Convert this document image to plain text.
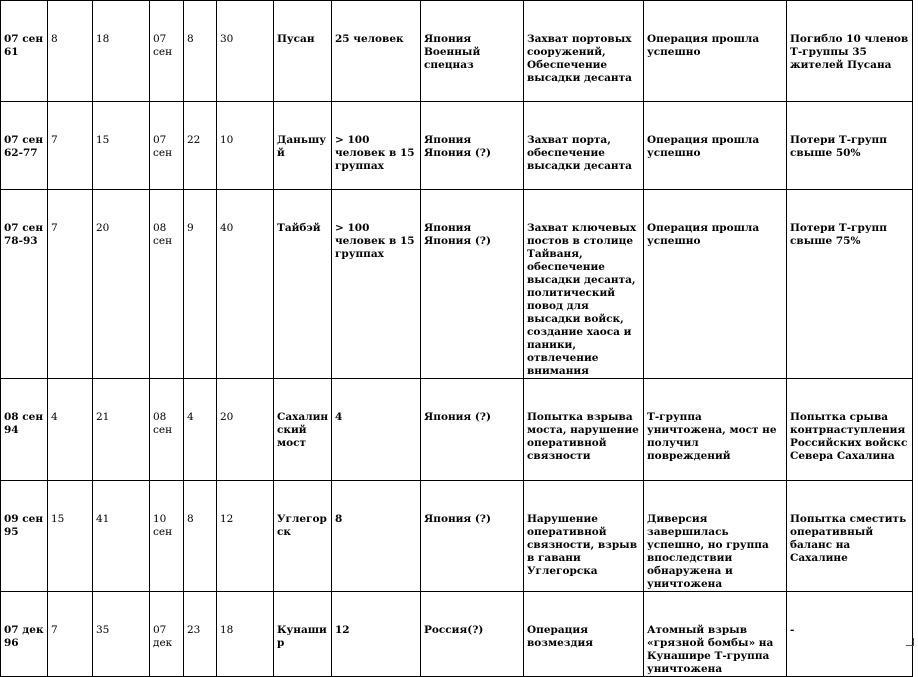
07 сен 61	8	18	07 сен	8	30	Пусан	25 человек	Япония Военный спецназ	Захват портовых сооружений, Обеспечение высадки десанта	Операция прошла успешно	Погибло 10 членов Т-группы 35 жителей Пусана
07 сен 62-77	7	15	07 сен	22	10	Даньшуй	> 100 человек в 15 группах	Япония Япония (?)	Захват порта, обеспечение высадки десанта	Операция прошла успешно	Потери Т-групп свыше 50%
07 сен 78-93	7	20	08 сен	9	40	Тайбэй	> 100 человек в 15 группах	Япония Япония (?)	Захват ключевых постов в столице Тайваня, обеспечение высадки десанта, политический повод для высадки войск, создание хаоса и паники, отвлечение внимания	Операция прошла успешно	Потери Т-групп свыше 75%
08 сен 94	4	21	08 сен	4	20	Сахалинский мост	4	Япония (?)	Попытка взрыва моста, нарушение оперативной связности	Т-группа уничтожена, мост не получил повреждений	Попытка срыва контрнаступления Российских войскс Севера Сахалина
09 сен 95	15	41	10 сен	8	12	Углегорск	8	Япония (?)	Нарушение оперативной связности, взрыв в гавани Углегорска	Диверсия завершилась успешно, но группа впоследствии обнаружена и уничтожена	Попытка сместить оперативный баланс на Сахалине
07 дек 96	7	35	07 дек	23	18	Кунашир	12	Россия(?)	Операция возмездия	Атомный взрыв «грязной бомбы» на Кунашире Т-группа уничтожена	-
